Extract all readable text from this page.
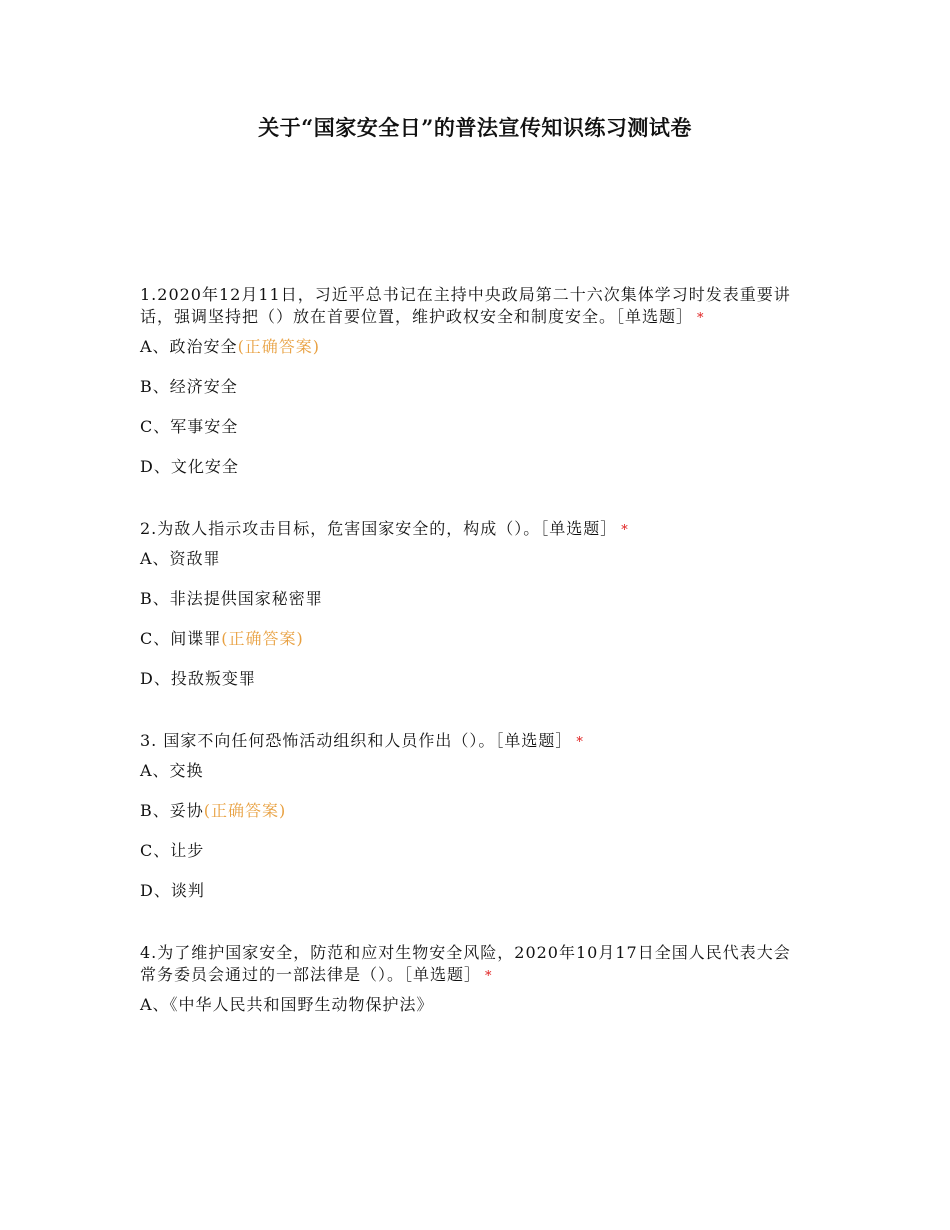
关于“国家安全日”的普法宣传知识练习测试卷
1.2020年12月11日，习近平总书记在主持中央政局第二十六次集体学习时发表重要讲话，强调坚持把（）放在首要位置，维护政权安全和制度安全。［单选题］ *
A、政治安全(正确答案)
B、经济安全
C、军事安全
D、文化安全
2.为敌人指示攻击目标，危害国家安全的，构成（）。［单选题］ *
A、资敌罪
B、非法提供国家秘密罪
C、间谍罪(正确答案)
D、投敌叛变罪
3. 国家不向任何恐怖活动组织和人员作出（）。［单选题］ *
A、交换
B、妥协(正确答案)
C、让步
D、谈判
4.为了维护国家安全，防范和应对生物安全风险，2020年10月17日全国人民代表大会常务委员会通过的一部法律是（）。［单选题］ *
A、《中华人民共和国野生动物保护法》
